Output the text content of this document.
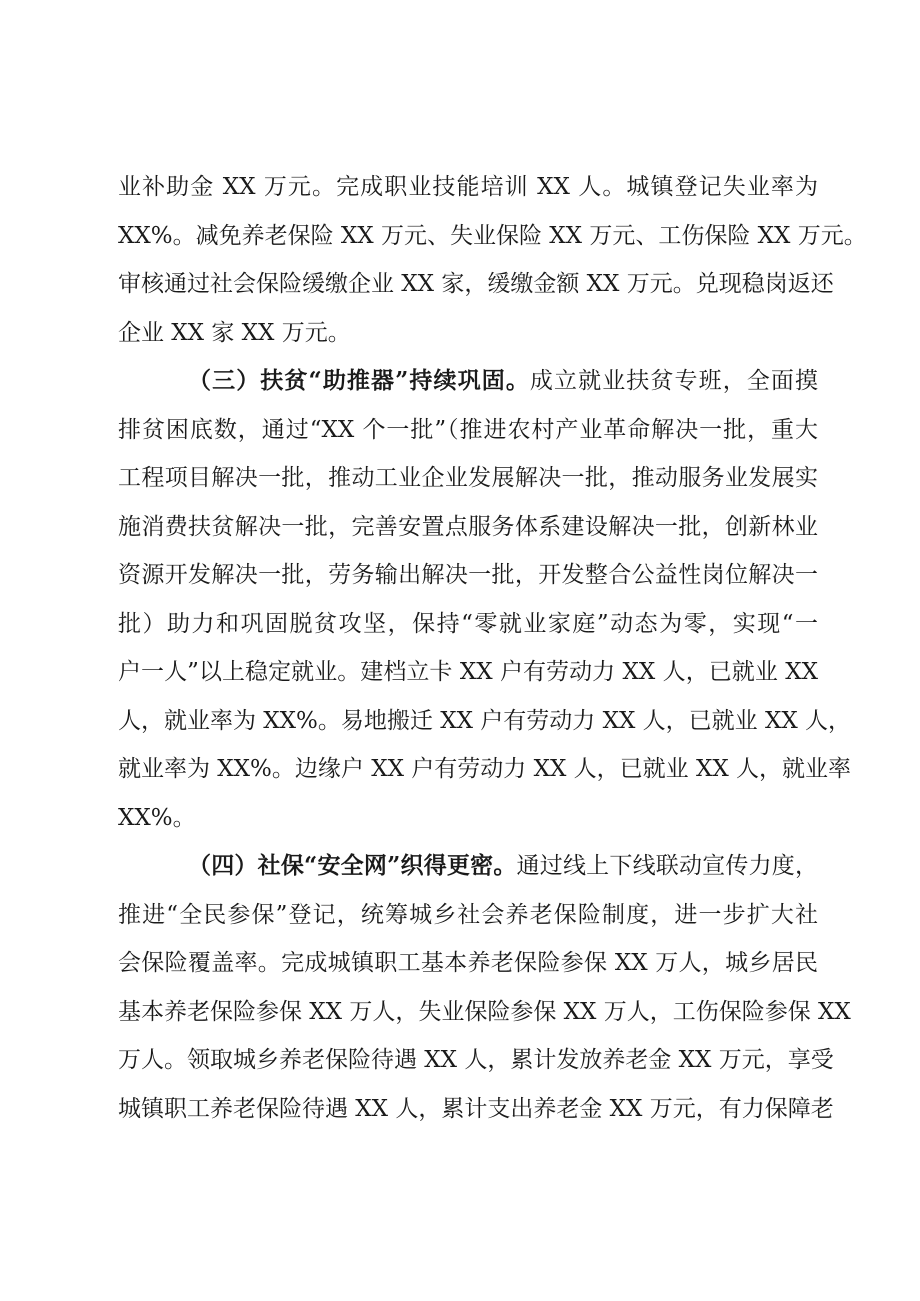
业补助金 XX 万元。完成职业技能培训 XX 人。城镇登记失业率为
XX%。减免养老保险 XX 万元、失业保险 XX 万元、工伤保险 XX 万元。
审核通过社会保险缓缴企业 XX 家，缓缴金额 XX 万元。兑现稳岗返还
企业 XX 家 XX 万元。
（三）扶贫“助推器”持续巩固。成立就业扶贫专班，全面摸
排贫困底数，通过“XX 个一批”（推进农村产业革命解决一批，重大
工程项目解决一批，推动工业企业发展解决一批，推动服务业发展实
施消费扶贫解决一批，完善安置点服务体系建设解决一批，创新林业
资源开发解决一批，劳务输出解决一批，开发整合公益性岗位解决一
批）助力和巩固脱贫攻坚，保持“零就业家庭”动态为零，实现“一
户一人”以上稳定就业。建档立卡 XX 户有劳动力 XX 人，已就业 XX
人，就业率为 XX%。易地搬迁 XX 户有劳动力 XX 人，已就业 XX 人，
就业率为 XX%。边缘户 XX 户有劳动力 XX 人，已就业 XX 人，就业率
XX%。
（四）社保“安全网”织得更密。通过线上下线联动宣传力度，
推进“全民参保”登记，统筹城乡社会养老保险制度，进一步扩大社
会保险覆盖率。完成城镇职工基本养老保险参保 XX 万人，城乡居民
基本养老保险参保 XX 万人，失业保险参保 XX 万人，工伤保险参保 XX
万人。领取城乡养老保险待遇 XX 人，累计发放养老金 XX 万元，享受
城镇职工养老保险待遇 XX 人，累计支出养老金 XX 万元，有力保障老
